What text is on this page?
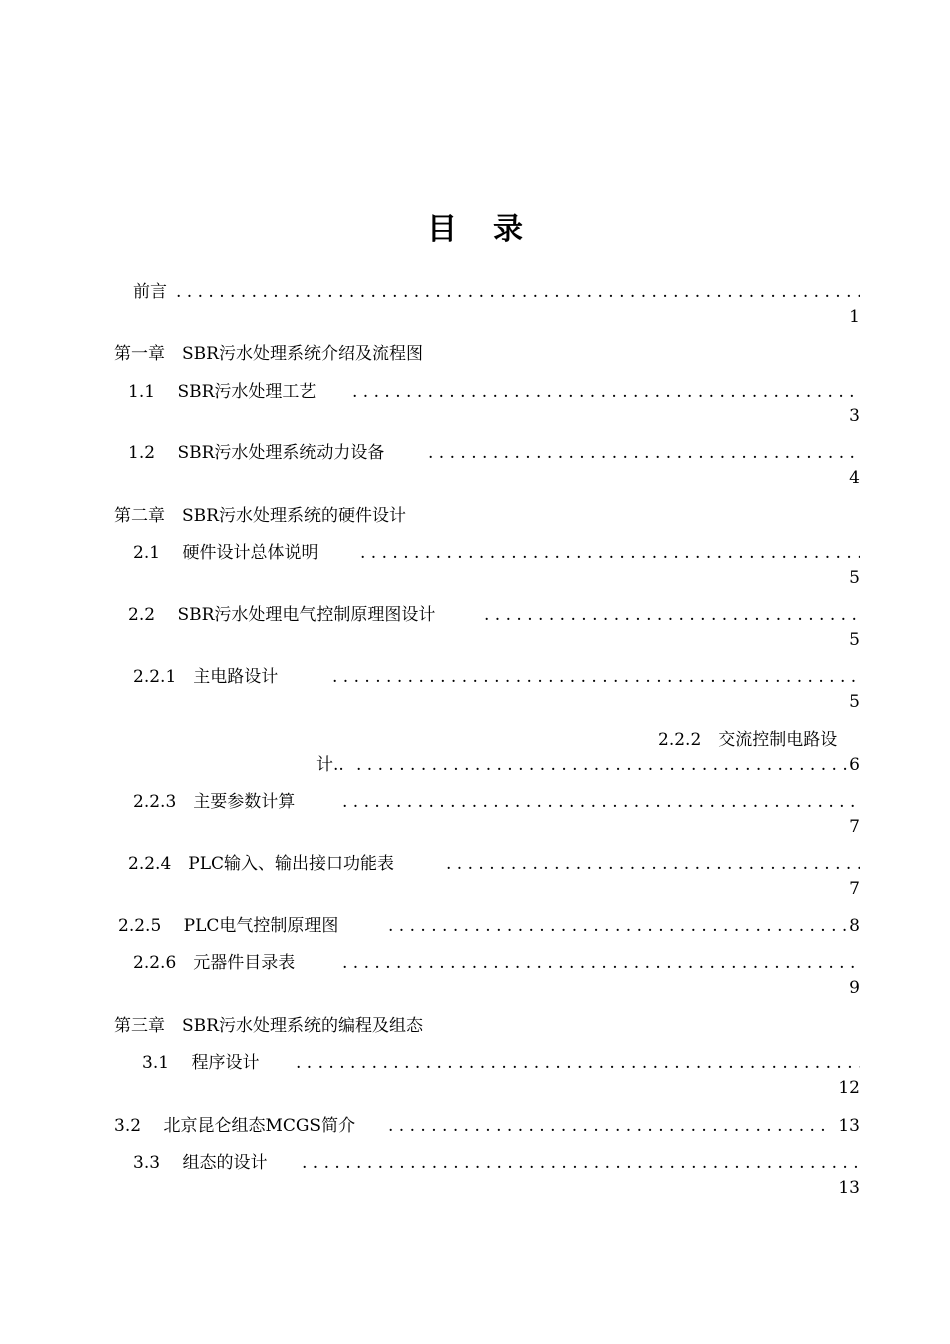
目 录
前言
. . .
1
第一章　SBR污水处理系统介绍及流程图
1.1　 SBR污水处理工艺
. . .
3
1.2　 SBR污水处理系统动力设备
. . .
4
第二章　SBR污水处理系统的硬件设计
2.1　 硬件设计总体说明
. . .
5
2.2　 SBR污水处理电气控制原理图设计
. . .
5
2.2.1　主电路设计
. . .
5
2.2.2　交流控制电路设
计.. . . .	6
2.2.3　主要参数计算
. . .
7
2.2.4　PLC输入、输出接口功能表
. . .
7
2.2.5　 PLC电气控制原理图 . . .	8
2.2.6　元器件目录表
. . .
9
第三章　SBR污水处理系统的编程及组态
3.1　 程序设计
. . .
12
3.2　 北京昆仑组态MCGS简介 . . .	13
3.3　 组态的设计
. . .
13
